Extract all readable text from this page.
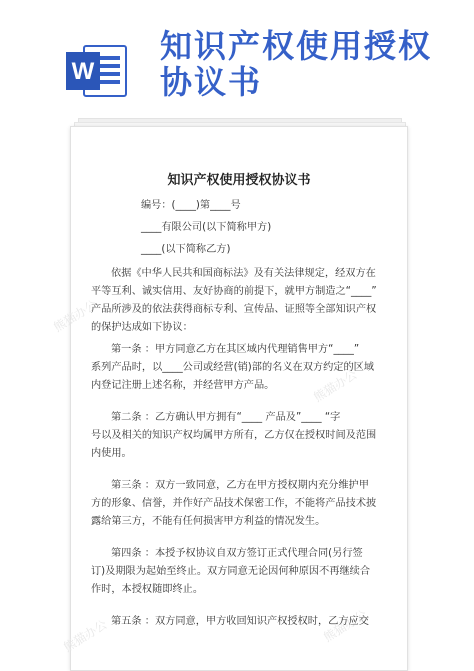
W
知识产权使用授权
协议书
熊猫办公
熊猫办公
熊猫办公	熊猫办公
知识产权使用授权协议书
编号：(____)第____号
____有限公司(以下简称甲方)
____(以下简称乙方)
依据《中华人民共和国商标法》及有关法律规定，经双方在
平等互利、诚实信用、友好协商的前提下，就甲方制造之“____”
产品所涉及的依法获得商标专利、宣传品、证照等全部知识产权
的保护达成如下协议：
第一条 ：甲方同意乙方在其区域内代理销售甲方“____”
系列产品时，以____公司或经营(销)部的名义在双方约定的区域
内登记注册上述名称，并经营甲方产品。
第二条 ：乙方确认甲方拥有“____ 产品及”____ “字
号以及相关的知识产权均属甲方所有，乙方仅在授权时间及范围
内使用。
第三条 ：双方一致同意，乙方在甲方授权期内充分维护甲
方的形象、信誉，并作好产品技术保密工作，不能将产品技术披
露给第三方，不能有任何损害甲方利益的情况发生。
第四条 ：本授予权协议自双方签订正式代理合同(另行签
订)及期限为起始至终止。双方同意无论因何种原因不再继续合
作时，本授权随即终止。
第五条 ：双方同意，甲方收回知识产权授权时，乙方应交
